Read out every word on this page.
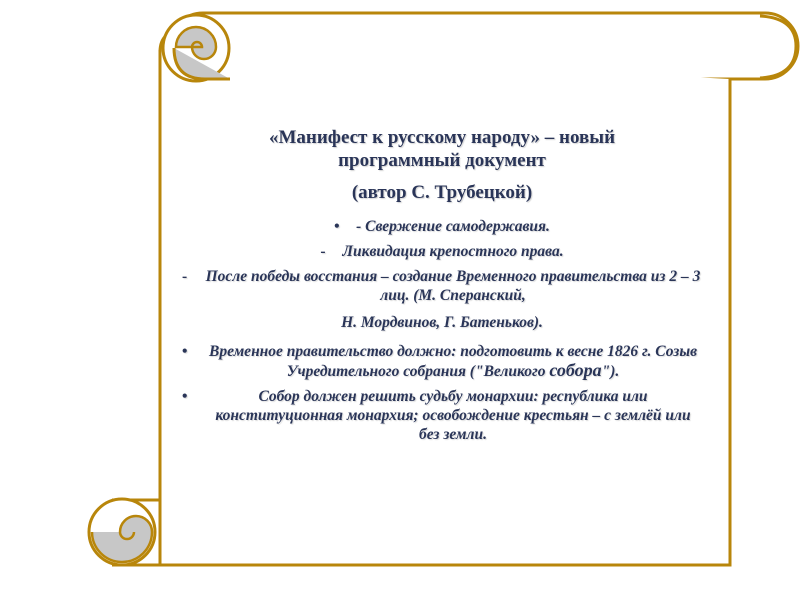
«Манифест к русскому народу» – новый
программный документ
(автор С. Трубецкой)
•	- Свержение самодержавия.
-	Ликвидация крепостного права.
-	После победы восстания – создание Временного правительства из 2 – 3 лиц. (М. Сперанский,
Н. Мордвинов, Г. Батеньков).
•	Временное правительство должно: подготовить к весне 1826 г. Созыв Учредительного собрания ("Великого собора").
•	Собор должен решить судьбу монархии: республика или конституционная монархия; освобождение крестьян – с землёй или без земли.
